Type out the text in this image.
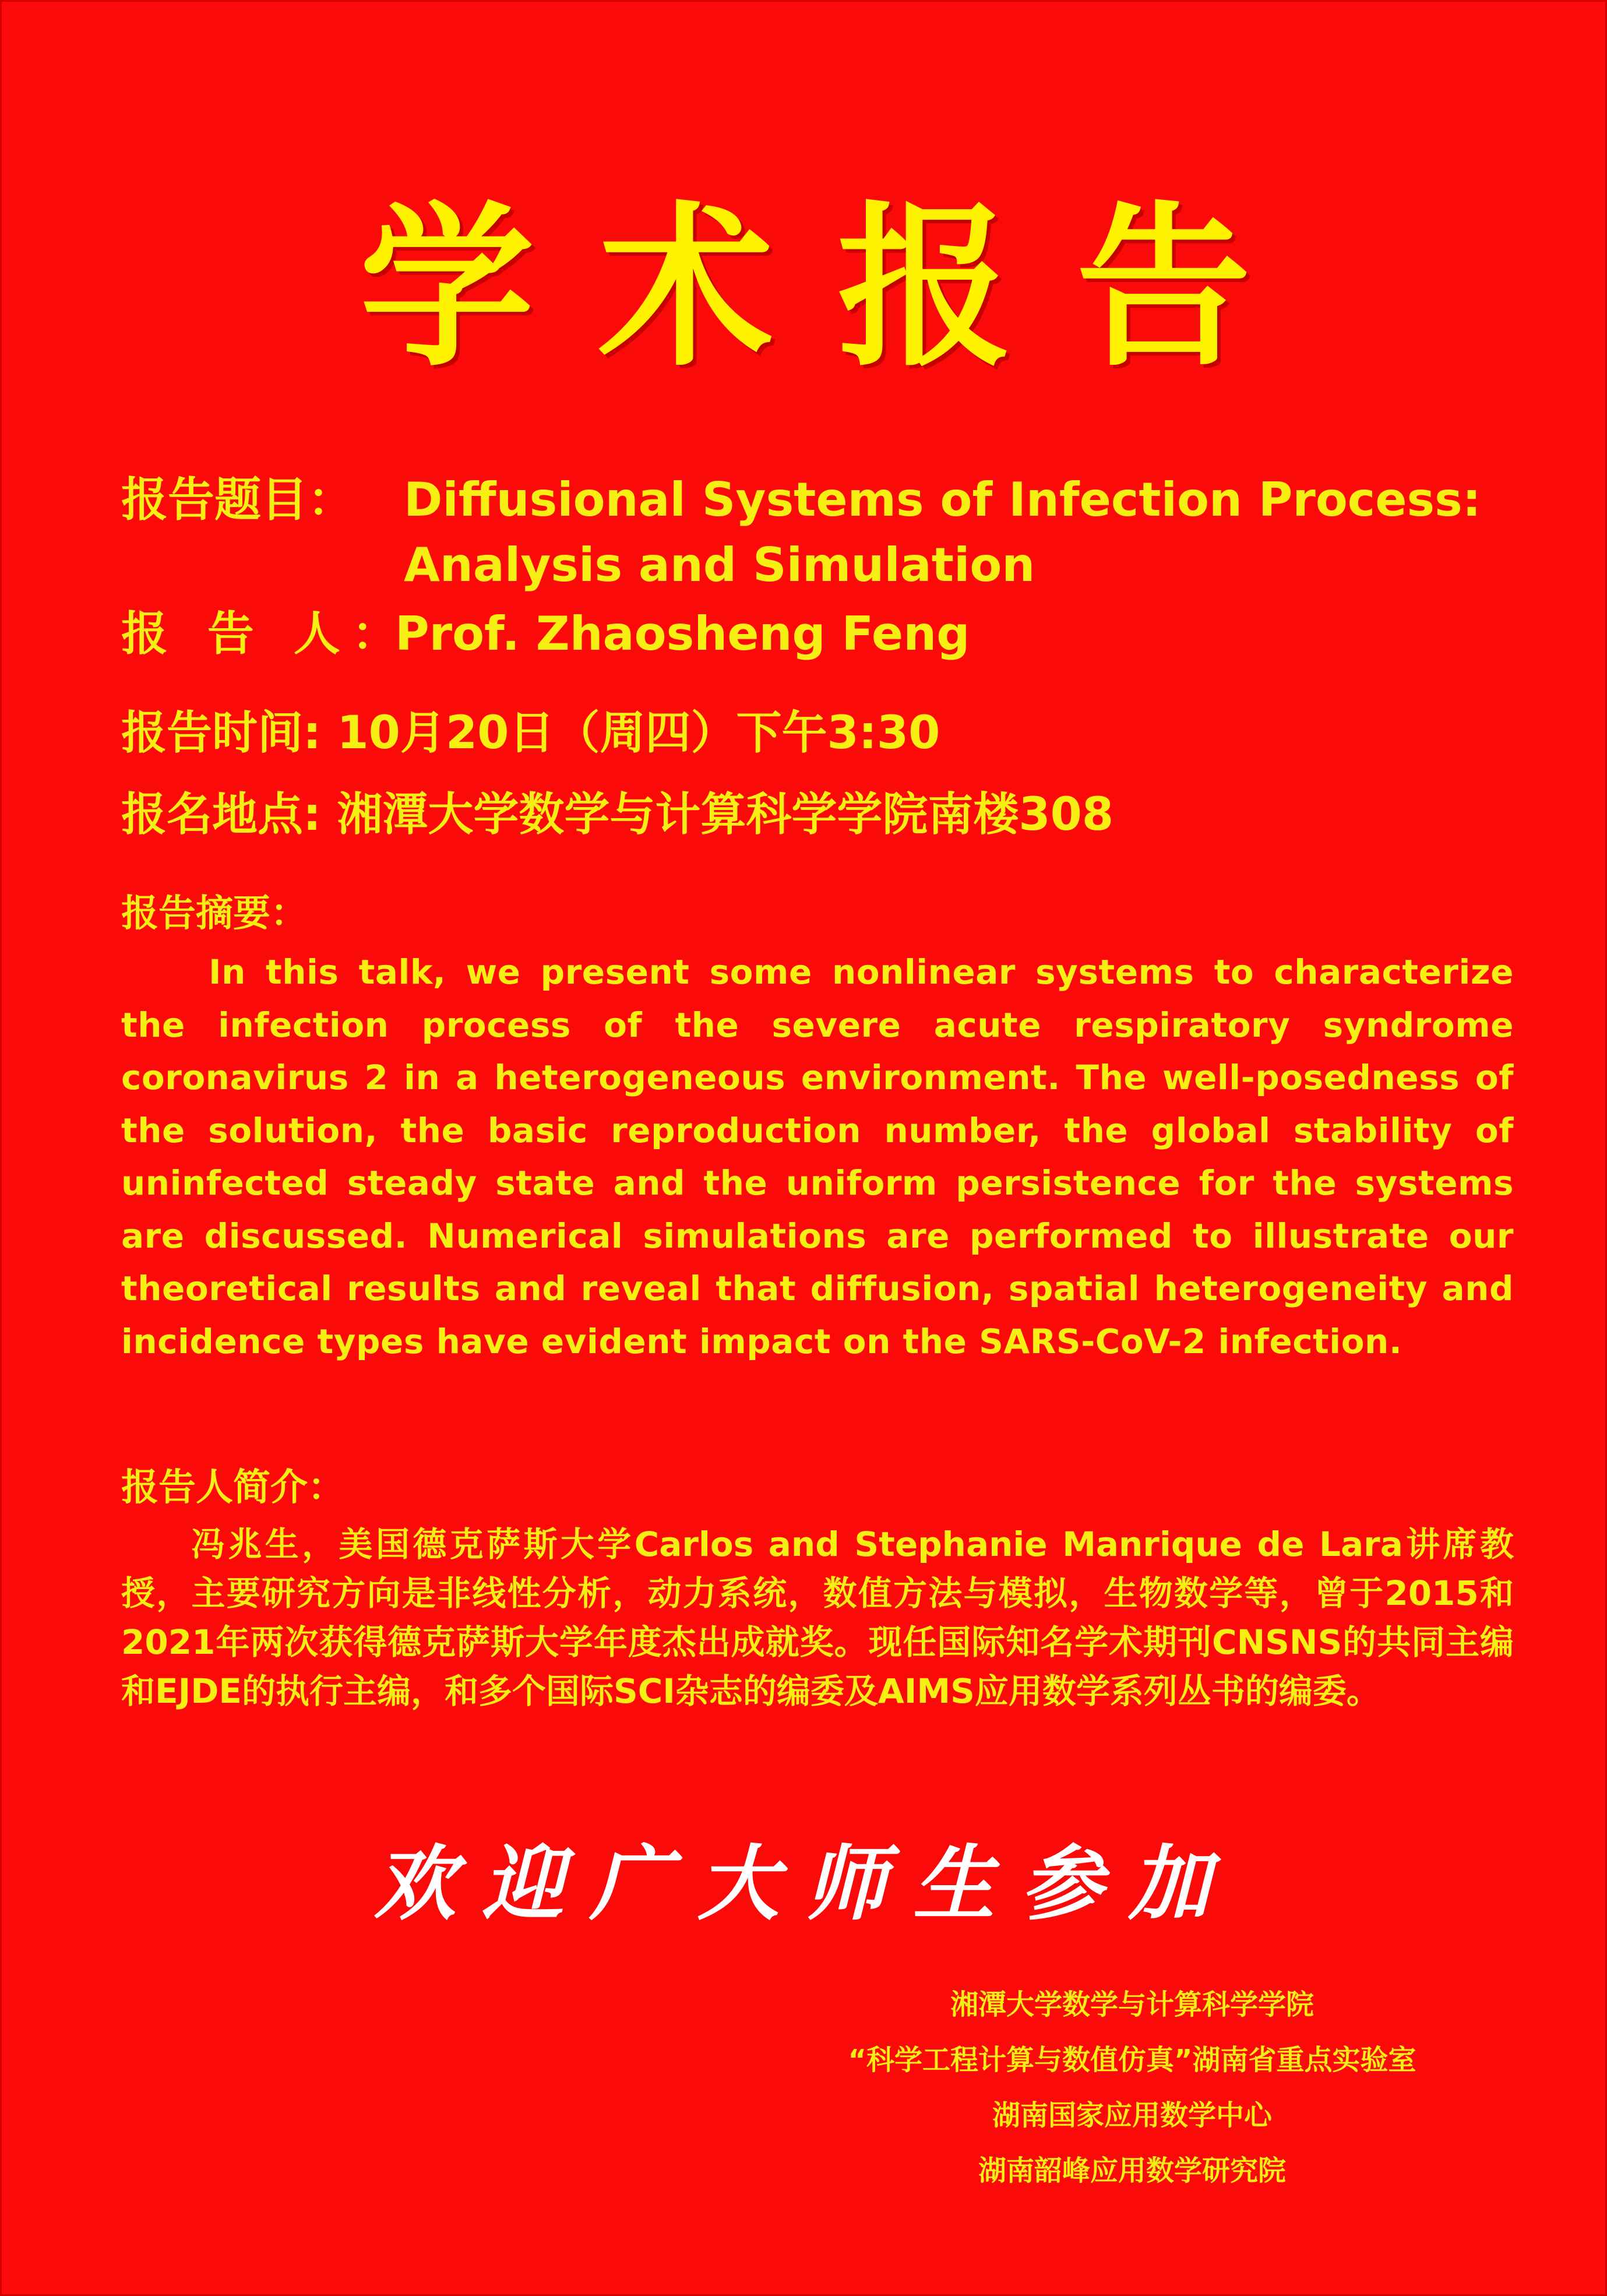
学术报告
报告题目： Diffusional Systems of Infection Process:
Analysis and Simulation
报 告 人：
Prof. Zhaosheng Feng
报告时间: 10月20日（周四）下午3:30
报名地点: 湘潭大学数学与计算科学学院南楼308
报告摘要：
In this talk, we present some nonlinear systems to characterize the infection process of the severe acute respiratory syndrome coronavirus 2 in a heterogeneous environment. The well-posedness of the solution, the basic reproduction number, the global stability of uninfected steady state and the uniform persistence for the systems are discussed. Numerical simulations are performed to illustrate our theoretical results and reveal that diffusion, spatial heterogeneity and incidence types have evident impact on the SARS-CoV-2 infection.
报告人简介：
冯兆生，美国德克萨斯大学Carlos and Stephanie Manrique de Lara讲席教授，主要研究方向是非线性分析，动力系统，数值方法与模拟，生物数学等，曾于2015和2021年两次获得德克萨斯大学年度杰出成就奖。现任国际知名学术期刊CNSNS的共同主编和EJDE的执行主编，和多个国际SCI杂志的编委及AIMS应用数学系列丛书的编委。
欢迎广大师生参加
湘潭大学数学与计算科学学院
“科学工程计算与数值仿真”湖南省重点实验室
湖南国家应用数学中心
湖南韶峰应用数学研究院
